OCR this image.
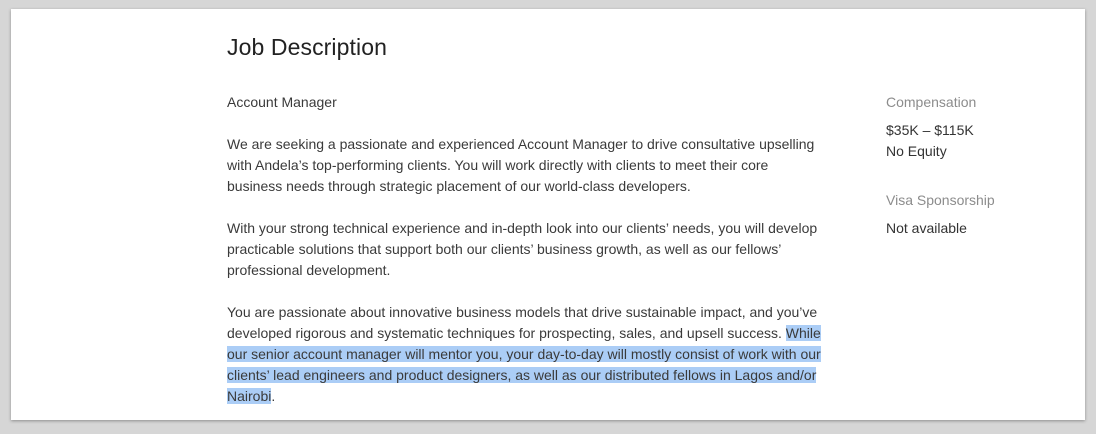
Job Description

Account Manager

We are seeking a passionate and experienced Account Manager to drive consultative upselling with Andela’s top-performing clients. You will work directly with clients to meet their core business needs through strategic placement of our world-class developers.

With your strong technical experience and in-depth look into our clients’ needs, you will develop practicable solutions that support both our clients’ business growth, as well as our fellows’ professional development.

You are passionate about innovative business models that drive sustainable impact, and you’ve developed rigorous and systematic techniques for prospecting, sales, and upsell success. While our senior account manager will mentor you, your day-to-day will mostly consist of work with our clients’ lead engineers and product designers, as well as our distributed fellows in Lagos and/or Nairobi.

Compensation
$35K – $115K
No Equity
Visa Sponsorship
Not available
